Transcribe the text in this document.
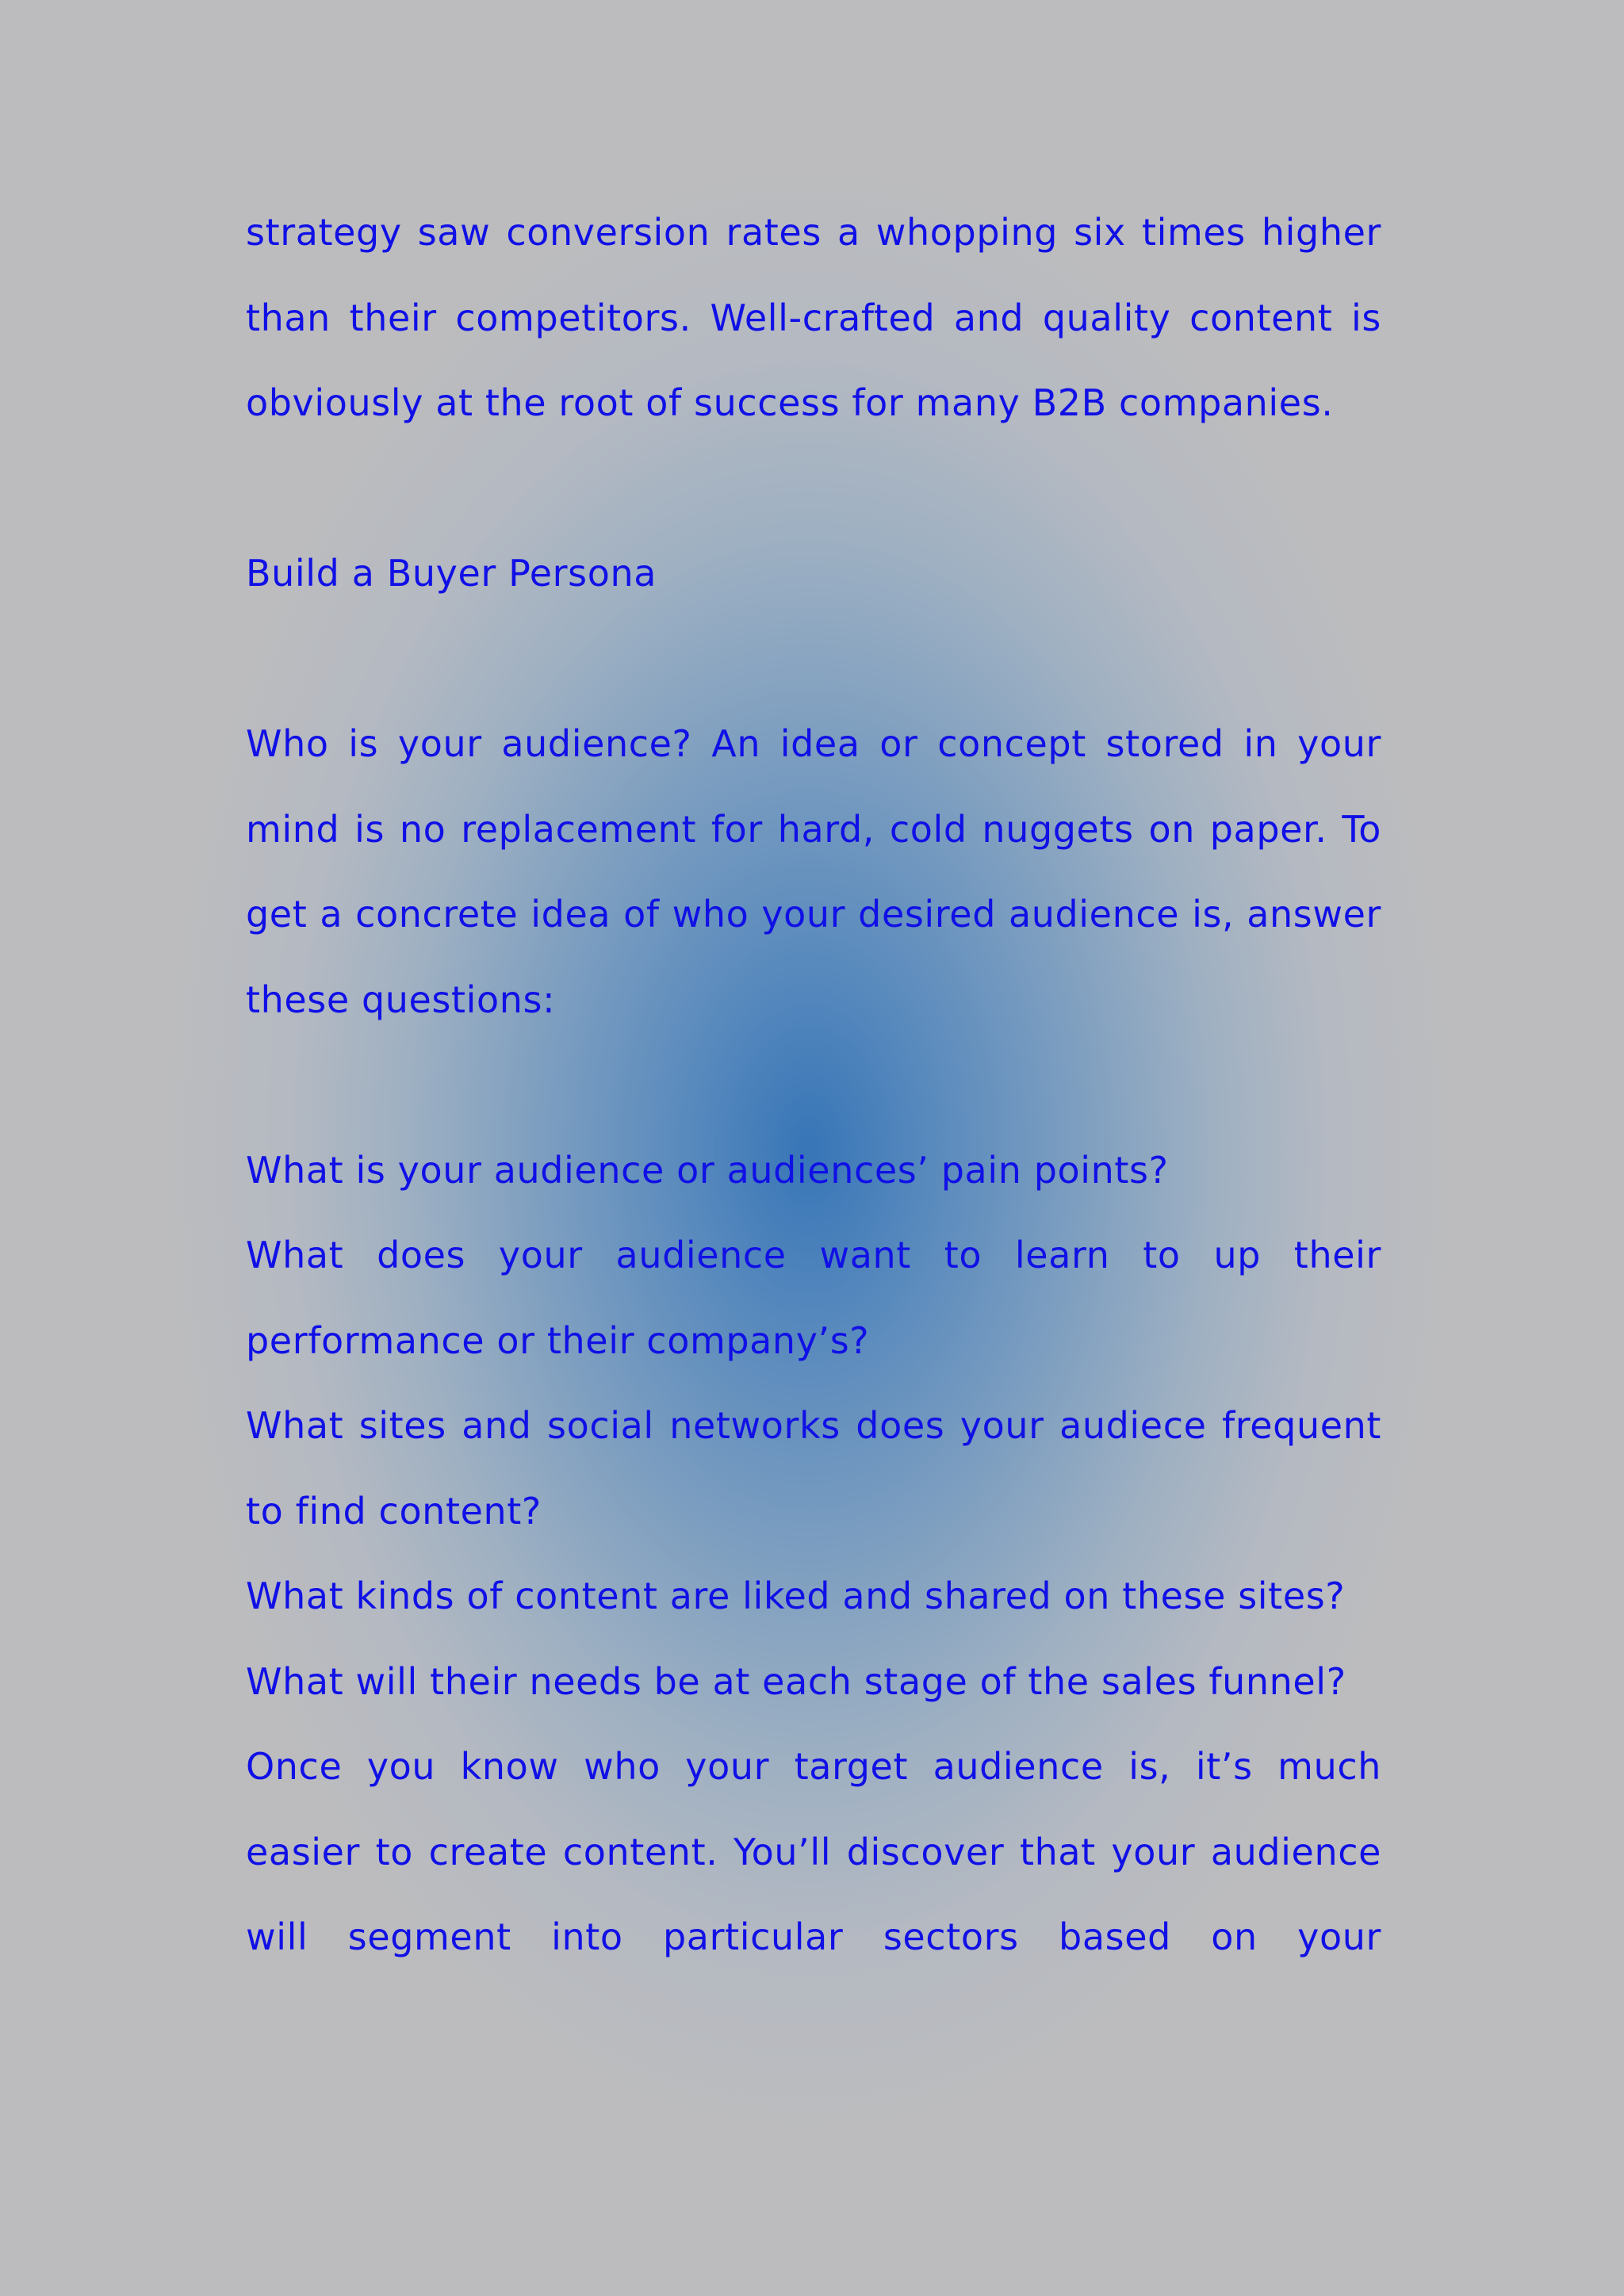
strategy saw conversion rates a whopping six times higher than their competitors. Well-crafted and quality content is obviously at the root of success for many B2B companies.

Build a Buyer Persona

Who is your audience? An idea or concept stored in your mind is no replacement for hard, cold nuggets on paper. To get a concrete idea of who your desired audience is, answer these questions:

What is your audience or audiences’ pain points?
What does your audience want to learn to up their performance or their company’s?
What sites and social networks does your audiece frequent to find content?
What kinds of content are liked and shared on these sites?
What will their needs be at each stage of the sales funnel?

Once you know who your target audience is, it’s much easier to create content. You’ll discover that your audience will segment into particular sectors based on your
